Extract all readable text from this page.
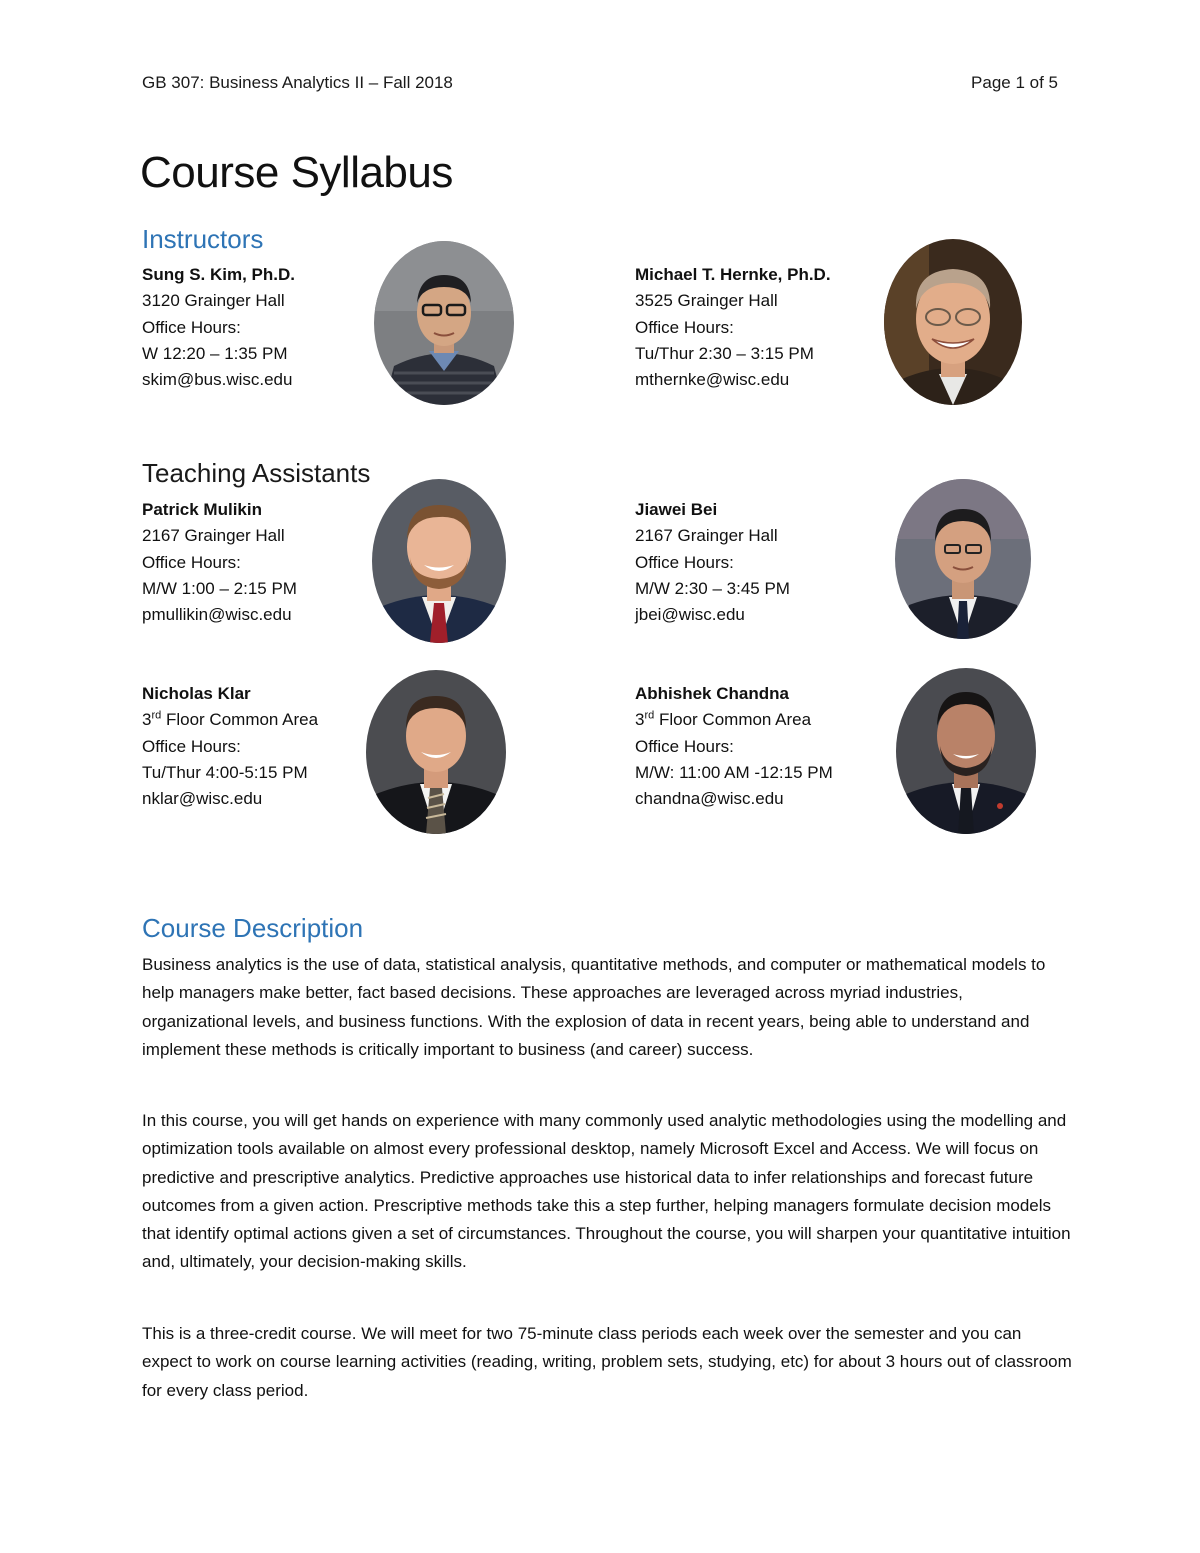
GB 307: Business Analytics II – Fall 2018	Page 1 of 5
Course Syllabus
Instructors
Sung S. Kim, Ph.D.
3120 Grainger Hall
Office Hours:
W 12:20 – 1:35 PM
skim@bus.wisc.edu
Michael T. Hernke, Ph.D.
3525 Grainger Hall
Office Hours:
Tu/Thur 2:30 – 3:15 PM
mthernke@wisc.edu
Teaching Assistants
Patrick Mulikin
2167 Grainger Hall
Office Hours:
M/W 1:00 – 2:15 PM
pmullikin@wisc.edu
Jiawei Bei
2167 Grainger Hall
Office Hours:
M/W 2:30 – 3:45 PM
jbei@wisc.edu
Nicholas Klar
3rd Floor Common Area
Office Hours:
Tu/Thur 4:00-5:15 PM
nklar@wisc.edu
Abhishek Chandna
3rd Floor Common Area
Office Hours:
M/W: 11:00 AM -12:15 PM
chandna@wisc.edu
Course Description

Business analytics is the use of data, statistical analysis, quantitative methods, and computer or mathematical models to help managers make better, fact based decisions. These approaches are leveraged across myriad industries, organizational levels, and business functions. With the explosion of data in recent years, being able to understand and implement these methods is critically important to business (and career) success.

In this course, you will get hands on experience with many commonly used analytic methodologies using the modelling and optimization tools available on almost every professional desktop, namely Microsoft Excel and Access. We will focus on predictive and prescriptive analytics. Predictive approaches use historical data to infer relationships and forecast future outcomes from a given action. Prescriptive methods take this a step further, helping managers formulate decision models that identify optimal actions given a set of circumstances. Throughout the course, you will sharpen your quantitative intuition and, ultimately, your decision-making skills.

This is a three-credit course. We will meet for two 75-minute class periods each week over the semester and you can expect to work on course learning activities (reading, writing, problem sets, studying, etc) for about 3 hours out of classroom for every class period.
